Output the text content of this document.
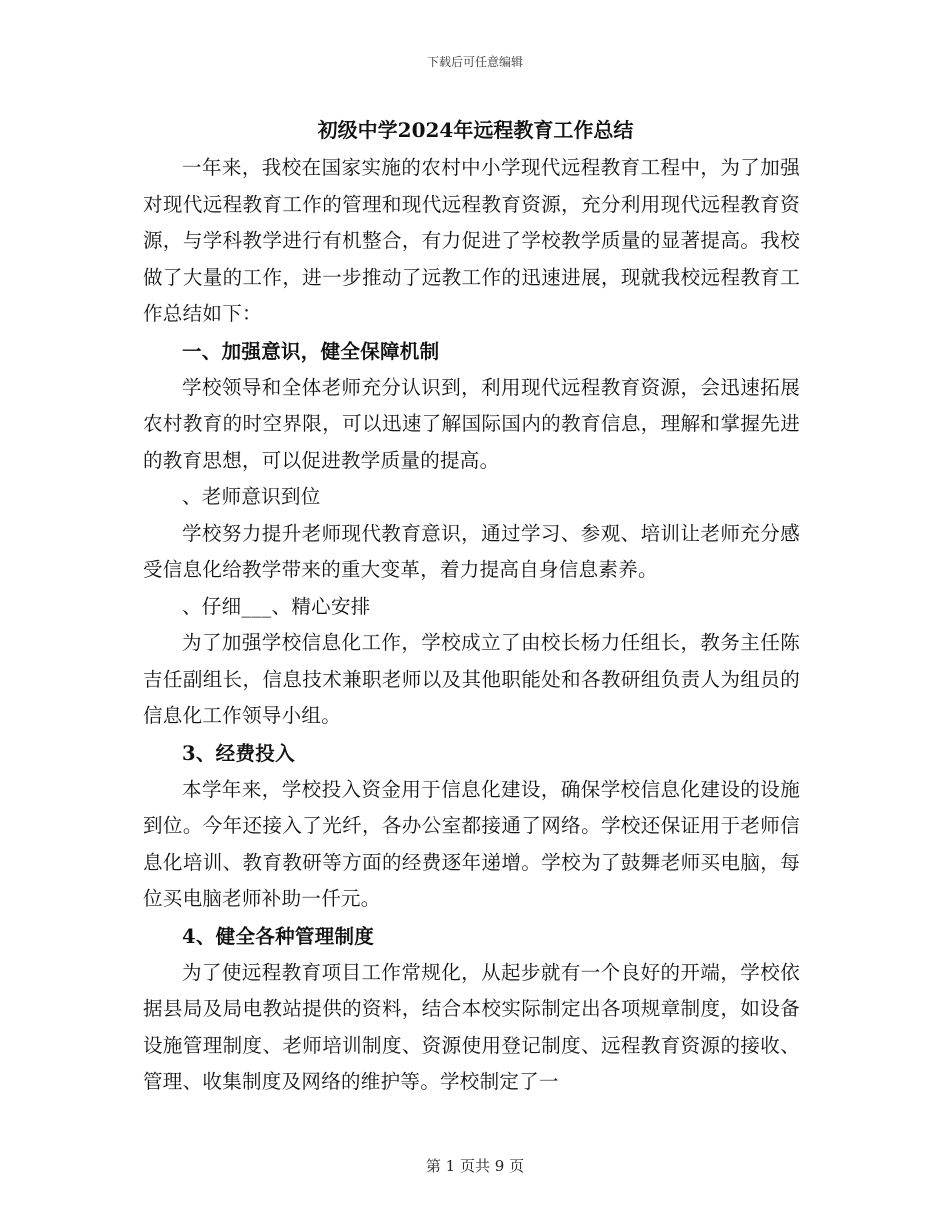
下载后可任意编辑

初级中学2024年远程教育工作总结

一年来，我校在国家实施的农村中小学现代远程教育工程中，为了加强对现代远程教育工作的管理和现代远程教育资源，充分利用现代远程教育资源，与学科教学进行有机整合，有力促进了学校教学质量的显著提高。我校做了大量的工作，进一步推动了远教工作的迅速进展，现就我校远程教育工作总结如下：

一、加强意识，健全保障机制

学校领导和全体老师充分认识到，利用现代远程教育资源，会迅速拓展农村教育的时空界限，可以迅速了解国际国内的教育信息，理解和掌握先进的教育思想，可以促进教学质量的提高。

、老师意识到位

学校努力提升老师现代教育意识，通过学习、参观、培训让老师充分感受信息化给教学带来的重大变革，着力提高自身信息素养。

、仔细___、精心安排

为了加强学校信息化工作，学校成立了由校长杨力任组长，教务主任陈吉任副组长，信息技术兼职老师以及其他职能处和各教研组负责人为组员的信息化工作领导小组。

3、经费投入

本学年来，学校投入资金用于信息化建设，确保学校信息化建设的设施到位。今年还接入了光纤，各办公室都接通了网络。学校还保证用于老师信息化培训、教育教研等方面的经费逐年递增。学校为了鼓舞老师买电脑，每位买电脑老师补助一仟元。

4、健全各种管理制度

为了使远程教育项目工作常规化，从起步就有一个良好的开端，学校依据县局及局电教站提供的资料，结合本校实际制定出各项规章制度，如设备设施管理制度、老师培训制度、资源使用登记制度、远程教育资源的接收、管理、收集制度及网络的维护等。学校制定了一

第 1 页共 9 页
